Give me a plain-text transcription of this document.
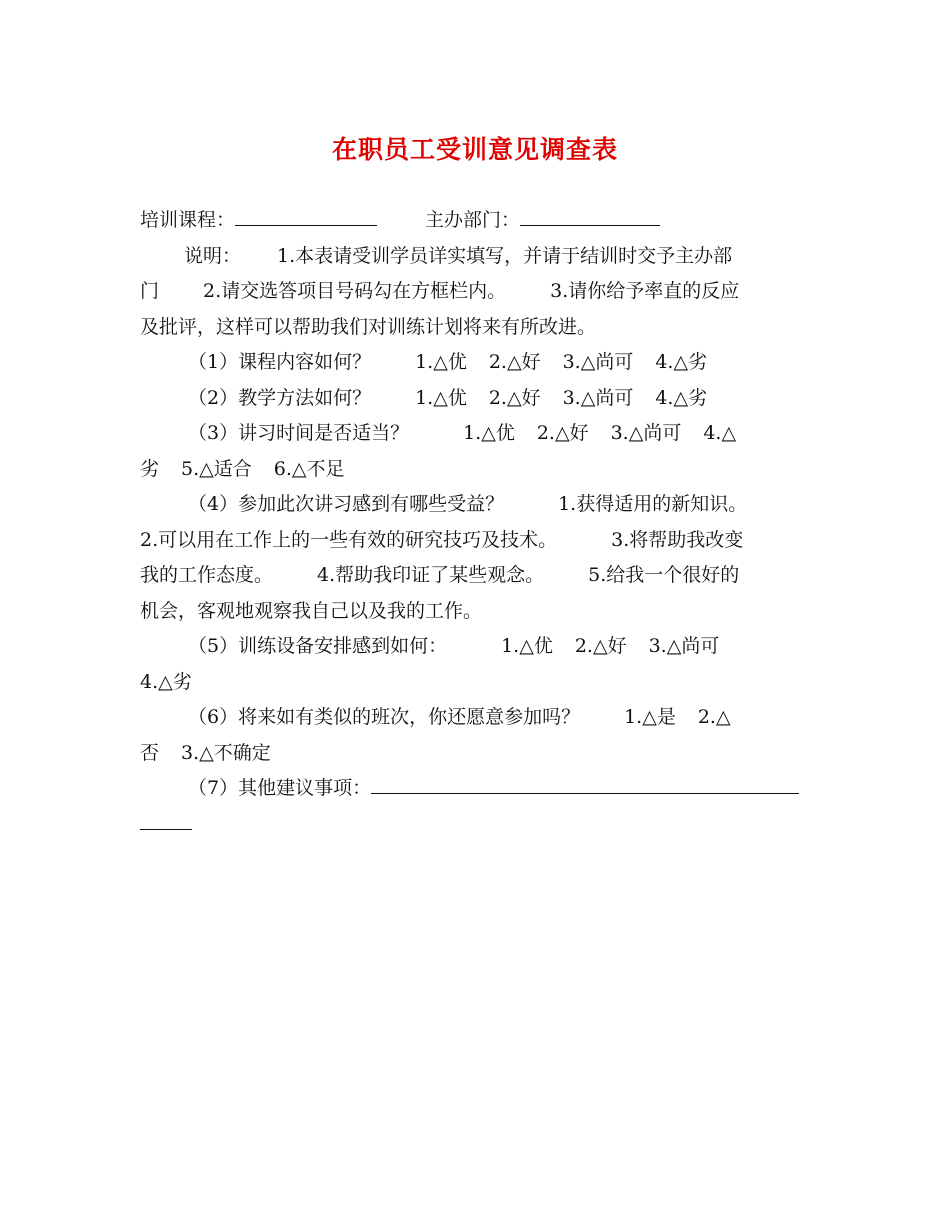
在职员工受训意见调查表
培训课程：	主办部门：
说明： 1.本表请受训学员详实填写，并请于结训时交予主办部
门 2.请交选答项目号码勾在方框栏内。 3.请你给予率直的反应
及批评，这样可以帮助我们对训练计划将来有所改进。
（1）课程内容如何？ 1.△优 2.△好 3.△尚可 4.△劣
（2）教学方法如何？ 1.△优 2.△好 3.△尚可 4.△劣
（3）讲习时间是否适当？	1.△优 2.△好 3.△尚可 4.△
劣 5.△适合 6.△不足
（4）参加此次讲习感到有哪些受益？	1.获得适用的新知识。
2.可以用在工作上的一些有效的研究技巧及技术。	3.将帮助我改变
我的工作态度。 4.帮助我印证了某些观念。 5.给我一个很好的
机会，客观地观察我自己以及我的工作。
（5）训练设备安排感到如何：	1.△优 2.△好 3.△尚可
4.△劣
（6）将来如有类似的班次，你还愿意参加吗？ 1.△是 2.△
否 3.△不确定
（7）其他建议事项：
